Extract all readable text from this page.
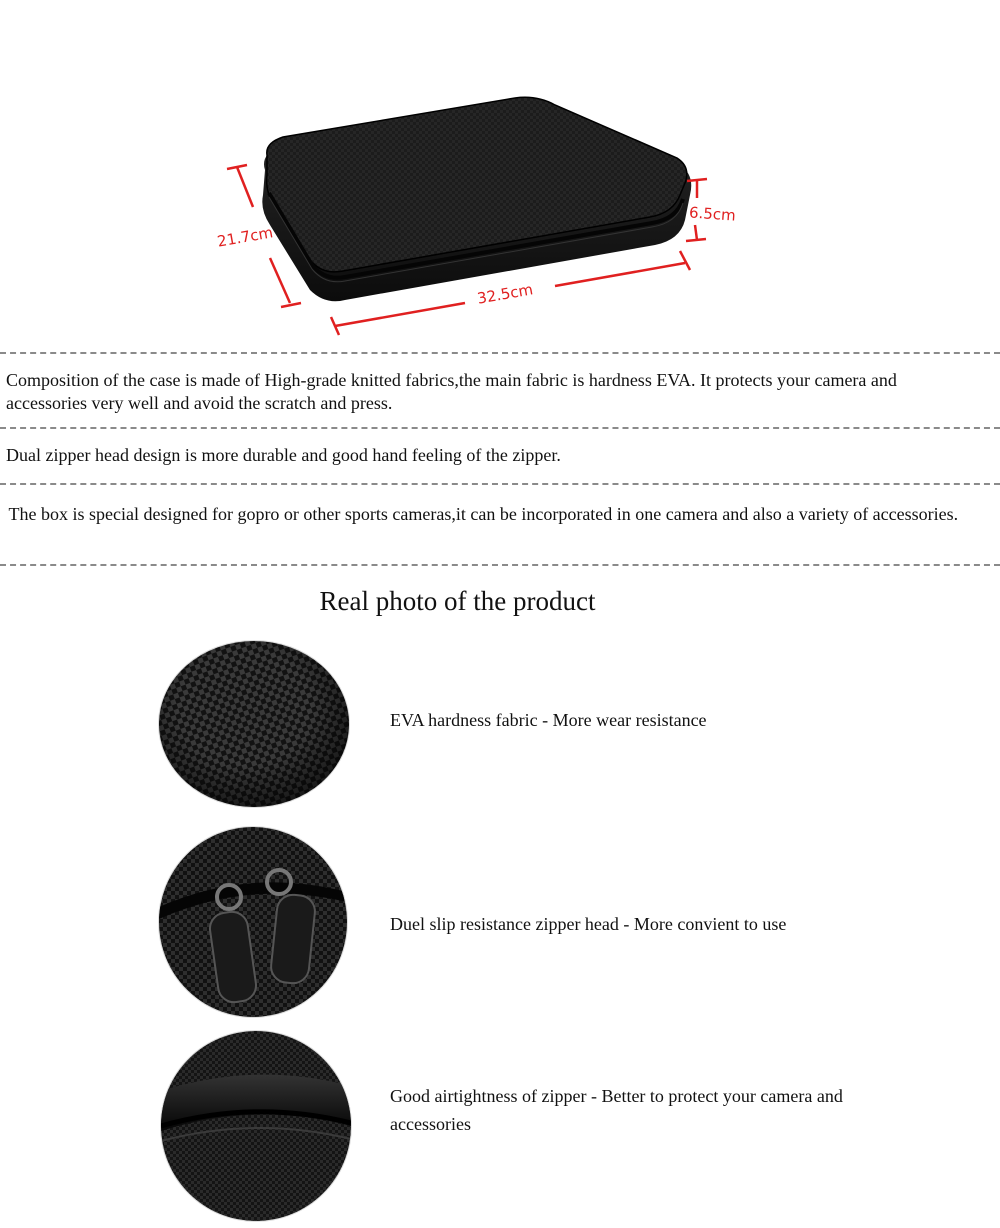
21.7cm
32.5cm
6.5cm
Composition of the case is made of High-grade knitted fabrics,the main fabric is hardness EVA. It protects your camera and accessories very well and avoid the scratch and press.
Dual zipper head design is more durable and good hand feeling of the zipper.
The box is special designed for gopro or other sports cameras,it can be incorporated in one camera and also a variety of accessories.
Real photo of the product
EVA hardness fabric - More wear resistance
Duel slip resistance zipper head - More convient to use
Good airtightness of zipper - Better to protect your camera and accessories
